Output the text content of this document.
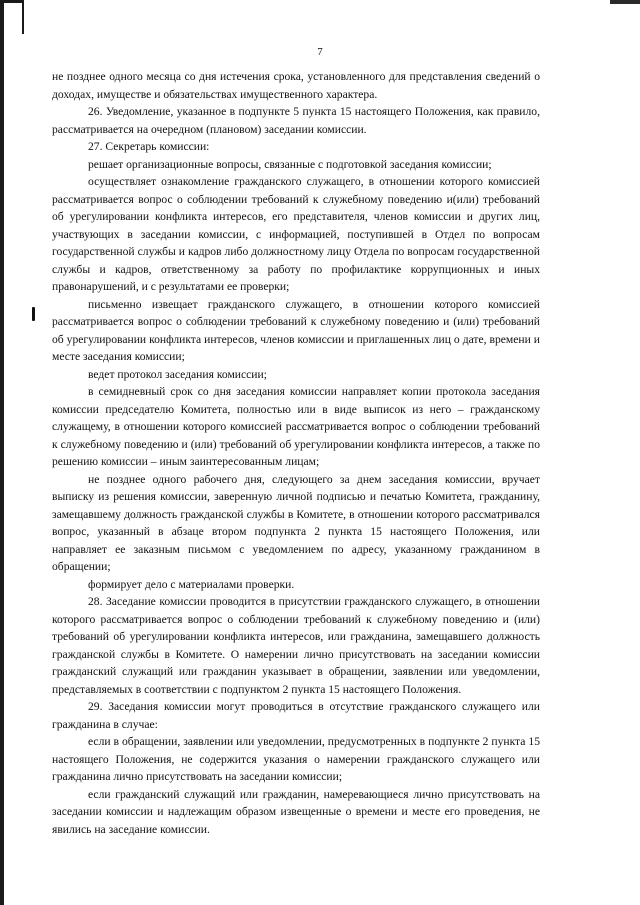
7

не позднее одного месяца со дня истечения срока, установленного для представления сведений о доходах, имуществе и обязательствах имущественного характера.

26. Уведомление, указанное в подпункте 5 пункта 15 настоящего Положения, как правило, рассматривается на очередном (плановом) заседании комиссии.

27. Секретарь комиссии:

решает организационные вопросы, связанные с подготовкой заседания комиссии;

осуществляет ознакомление гражданского служащего, в отношении которого комиссией рассматривается вопрос о соблюдении требований к служебному поведению и(или) требований об урегулировании конфликта интересов, его представителя, членов комиссии и других лиц, участвующих в заседании комиссии, с информацией, поступившей в Отдел по вопросам государственной службы и кадров либо должностному лицу Отдела по вопросам государственной службы и кадров, ответственному за работу по профилактике коррупционных и иных правонарушений, и с результатами ее проверки;

письменно извещает гражданского служащего, в отношении которого комиссией рассматривается вопрос о соблюдении требований к служебному поведению и (или) требований об урегулировании конфликта интересов, членов комиссии и приглашенных лиц о дате, времени и месте заседания комиссии;

ведет протокол заседания комиссии;

в семидневный срок со дня заседания комиссии направляет копии протокола заседания комиссии председателю Комитета, полностью или в виде выписок из него – гражданскому служащему, в отношении которого комиссией рассматривается вопрос о соблюдении требований к служебному поведению и (или) требований об урегулировании конфликта интересов, а также по решению комиссии – иным заинтересованным лицам;

не позднее одного рабочего дня, следующего за днем заседания комиссии, вручает выписку из решения комиссии, заверенную личной подписью и печатью Комитета, гражданину, замещавшему должность гражданской службы в Комитете, в отношении которого рассматривался вопрос, указанный в абзаце втором подпункта 2 пункта 15 настоящего Положения, или направляет ее заказным письмом с уведомлением по адресу, указанному гражданином в обращении;

формирует дело с материалами проверки.

28. Заседание комиссии проводится в присутствии гражданского служащего, в отношении которого рассматривается вопрос о соблюдении требований к служебному поведению и (или) требований об урегулировании конфликта интересов, или гражданина, замещавшего должность гражданской службы в Комитете. О намерении лично присутствовать на заседании комиссии гражданский служащий или гражданин указывает в обращении, заявлении или уведомлении, представляемых в соответствии с подпунктом 2 пункта 15 настоящего Положения.

29. Заседания комиссии могут проводиться в отсутствие гражданского служащего или гражданина в случае:

если в обращении, заявлении или уведомлении, предусмотренных в подпункте 2 пункта 15 настоящего Положения, не содержится указания о намерении гражданского служащего или гражданина лично присутствовать на заседании комиссии;

если гражданский служащий или гражданин, намеревающиеся лично присутствовать на заседании комиссии и надлежащим образом извещенные о времени и месте его проведения, не явились на заседание комиссии.
